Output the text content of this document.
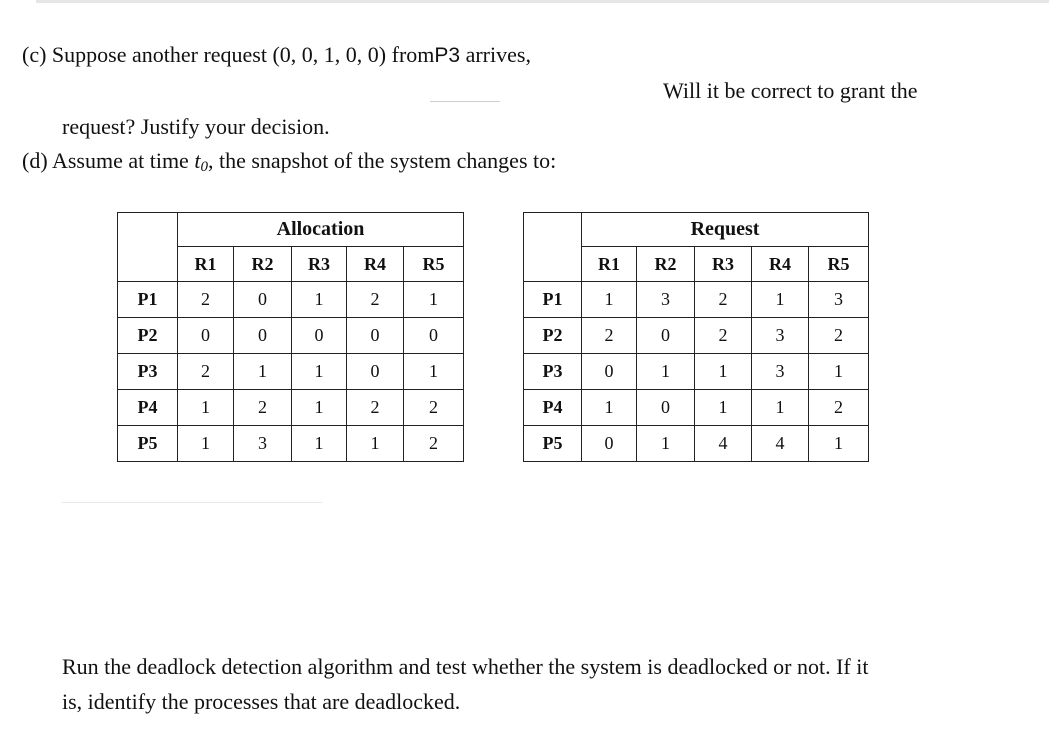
(c) Suppose another request (0, 0, 1, 0, 0) fromP3 arrives,
Will it be correct to grant the
request? Justify your decision.
(d) Assume at time $t_0$, the snapshot of the system changes to:
	Allocation				
	R1	R2	R3	R4	R5
P1	2	0	1	2	1
P2	0	0	0	0	0
P3	2	1	1	0	1
P4	1	2	1	2	2
P5	1	3	1	1	2
	Request				
	R1	R2	R3	R4	R5
P1	1	3	2	1	3
P2	2	0	2	3	2
P3	0	1	1	3	1
P4	1	0	1	1	2
P5	0	1	4	4	1
Run the deadlock detection algorithm and test whether the system is deadlocked or not. If it
is, identify the processes that are deadlocked.
